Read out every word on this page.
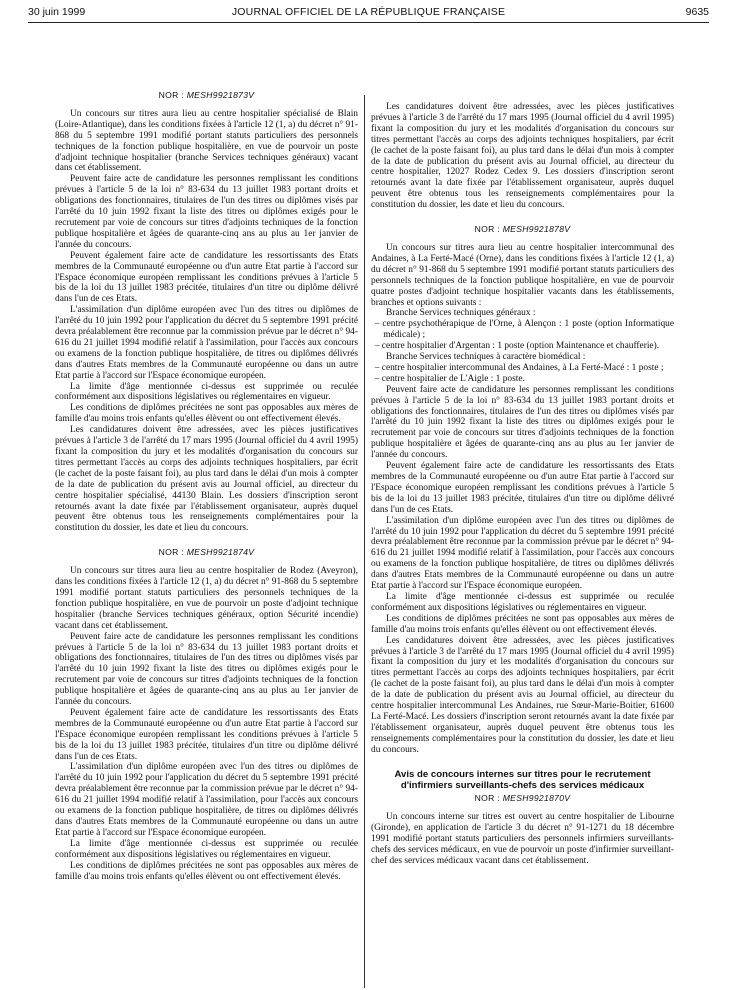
30 juin 1999	JOURNAL OFFICIEL DE LA RÉPUBLIQUE FRANÇAISE	9635
NOR : MESH9921873V

Un concours sur titres aura lieu au centre hospitalier spécialisé de Blain (Loire-Atlantique), dans les conditions fixées à l'article 12 (1, a) du décret n° 91-868 du 5 septembre 1991 modifié portant statuts particuliers des personnels techniques de la fonction publique hospitalière, en vue de pourvoir un poste d'adjoint technique hospitalier (branche Services techniques généraux) vacant dans cet établissement.

Peuvent faire acte de candidature les personnes remplissant les conditions prévues à l'article 5 de la loi n° 83-634 du 13 juillet 1983 portant droits et obligations des fonctionnaires, titulaires de l'un des titres ou diplômes visés par l'arrêté du 10 juin 1992 fixant la liste des titres ou diplômes exigés pour le recrutement par voie de concours sur titres d'adjoints techniques de la fonction publique hospitalière et âgées de quarante-cinq ans au plus au 1er janvier de l'année du concours.

Peuvent également faire acte de candidature les ressortissants des Etats membres de la Communauté européenne ou d'un autre Etat partie à l'accord sur l'Espace économique européen remplissant les conditions prévues à l'article 5 bis de la loi du 13 juillet 1983 précitée, titulaires d'un titre ou diplôme délivré dans l'un de ces Etats.

L'assimilation d'un diplôme européen avec l'un des titres ou diplômes de l'arrêté du 10 juin 1992 pour l'application du décret du 5 septembre 1991 précité devra préalablement être reconnue par la commission prévue par le décret n° 94-616 du 21 juillet 1994 modifié relatif à l'assimilation, pour l'accès aux concours ou examens de la fonction publique hospitalière, de titres ou diplômes délivrés dans d'autres Etats membres de la Communauté européenne ou dans un autre Etat partie à l'accord sur l'Espace économique européen.

La limite d'âge mentionnée ci-dessus est supprimée ou reculée conformément aux dispositions législatives ou réglementaires en vigueur.

Les conditions de diplômes précitées ne sont pas opposables aux mères de famille d'au moins trois enfants qu'elles élèvent ou ont effectivement élevés.

Les candidatures doivent être adressées, avec les pièces justificatives prévues à l'article 3 de l'arrêté du 17 mars 1995 (Journal officiel du 4 avril 1995) fixant la composition du jury et les modalités d'organisation du concours sur titres permettant l'accès au corps des adjoints techniques hospitaliers, par écrit (le cachet de la poste faisant foi), au plus tard dans le délai d'un mois à compter de la date de publication du présent avis au Journal officiel, au directeur du centre hospitalier spécialisé, 44130 Blain. Les dossiers d'inscription seront retournés avant la date fixée par l'établissement organisateur, auprès duquel peuvent être obtenus tous les renseignements complémentaires pour la constitution du dossier, les date et lieu du concours.

NOR : MESH9921874V

Un concours sur titres aura lieu au centre hospitalier de Rodez (Aveyron), dans les conditions fixées à l'article 12 (1, a) du décret n° 91-868 du 5 septembre 1991 modifié portant statuts particuliers des personnels techniques de la fonction publique hospitalière, en vue de pourvoir un poste d'adjoint technique hospitalier (branche Services techniques généraux, option Sécurité incendie) vacant dans cet établissement.

Peuvent faire acte de candidature les personnes remplissant les conditions prévues à l'article 5 de la loi n° 83-634 du 13 juillet 1983 portant droits et obligations des fonctionnaires, titulaires de l'un des titres ou diplômes visés par l'arrêté du 10 juin 1992 fixant la liste des titres ou diplômes exigés pour le recrutement par voie de concours sur titres d'adjoints techniques de la fonction publique hospitalière et âgées de quarante-cinq ans au plus au 1er janvier de l'année du concours.

Peuvent également faire acte de candidature les ressortissants des Etats membres de la Communauté européenne ou d'un autre Etat partie à l'accord sur l'Espace économique européen remplissant les conditions prévues à l'article 5 bis de la loi du 13 juillet 1983 précitée, titulaires d'un titre ou diplôme délivré dans l'un de ces Etats.

L'assimilation d'un diplôme européen avec l'un des titres ou diplômes de l'arrêté du 10 juin 1992 pour l'application du décret du 5 septembre 1991 précité devra préalablement être reconnue par la commission prévue par le décret n° 94-616 du 21 juillet 1994 modifié relatif à l'assimilation, pour l'accès aux concours ou examens de la fonction publique hospitalière, de titres ou diplômes délivrés dans d'autres Etats membres de la Communauté européenne ou dans un autre Etat partie à l'accord sur l'Espace économique européen.

La limite d'âge mentionnée ci-dessus est supprimée ou reculée conformément aux dispositions législatives ou réglementaires en vigueur.

Les conditions de diplômes précitées ne sont pas opposables aux mères de famille d'au moins trois enfants qu'elles élèvent ou ont effectivement élevés.

Les candidatures doivent être adressées, avec les pièces justificatives prévues à l'article 3 de l'arrêté du 17 mars 1995 (Journal officiel du 4 avril 1995) fixant la composition du jury et les modalités d'organisation du concours sur titres permettant l'accès au corps des adjoints techniques hospitaliers, par écrit (le cachet de la poste faisant foi), au plus tard dans le délai d'un mois à compter de la date de publication du présent avis au Journal officiel, au directeur du centre hospitalier, 12027 Rodez Cedex 9. Les dossiers d'inscription seront retournés avant la date fixée par l'établissement organisateur, auprès duquel peuvent être obtenus tous les renseignements complémentaires pour la constitution du dossier, les date et lieu du concours.

NOR : MESH9921878V

Un concours sur titres aura lieu au centre hospitalier intercommunal des Andaines, à La Ferté-Macé (Orne), dans les conditions fixées à l'article 12 (1, a) du décret n° 91-868 du 5 septembre 1991 modifié portant statuts particuliers des personnels techniques de la fonction publique hospitalière, en vue de pourvoir quatre postes d'adjoint technique hospitalier vacants dans les établissements, branches et options suivants :

Branche Services techniques généraux :

– centre psychothérapique de l'Orne, à Alençon : 1 poste (option Informatique médicale) ;
– centre hospitalier d'Argentan : 1 poste (option Maintenance et chaufferie).

Branche Services techniques à caractère biomédical :

– centre hospitalier intercommunal des Andaines, à La Ferté-Macé : 1 poste ;
– centre hospitalier de L'Aigle : 1 poste.

Peuvent faire acte de candidature les personnes remplissant les conditions prévues à l'article 5 de la loi n° 83-634 du 13 juillet 1983 portant droits et obligations des fonctionnaires, titulaires de l'un des titres ou diplômes visés par l'arrêté du 10 juin 1992 fixant la liste des titres ou diplômes exigés pour le recrutement par voie de concours sur titres d'adjoints techniques de la fonction publique hospitalière et âgées de quarante-cinq ans au plus au 1er janvier de l'année du concours.

Peuvent également faire acte de candidature les ressortissants des Etats membres de la Communauté européenne ou d'un autre Etat partie à l'accord sur l'Espace économique européen remplissant les conditions prévues à l'article 5 bis de la loi du 13 juillet 1983 précitée, titulaires d'un titre ou diplôme délivré dans l'un de ces Etats.

L'assimilation d'un diplôme européen avec l'un des titres ou diplômes de l'arrêté du 10 juin 1992 pour l'application du décret du 5 septembre 1991 précité devra préalablement être reconnue par la commission prévue par le décret n° 94-616 du 21 juillet 1994 modifié relatif à l'assimilation, pour l'accès aux concours ou examens de la fonction publique hospitalière, de titres ou diplômes délivrés dans d'autres Etats membres de la Communauté européenne ou dans un autre Etat partie à l'accord sur l'Espace économique européen.

La limite d'âge mentionnée ci-dessus est supprimée ou reculée conformément aux dispositions législatives ou réglementaires en vigueur.

Les conditions de diplômes précitées ne sont pas opposables aux mères de famille d'au moins trois enfants qu'elles élèvent ou ont effectivement élevés.

Les candidatures doivent être adressées, avec les pièces justificatives prévues à l'article 3 de l'arrêté du 17 mars 1995 (Journal officiel du 4 avril 1995) fixant la composition du jury et les modalités d'organisation du concours sur titres permettant l'accès au corps des adjoints techniques hospitaliers, par écrit (le cachet de la poste faisant foi), au plus tard dans le délai d'un mois à compter de la date de publication du présent avis au Journal officiel, au directeur du centre hospitalier intercommunal Les Andaines, rue Sœur-Marie-Boitier, 61600 La Ferté-Macé. Les dossiers d'inscription seront retournés avant la date fixée par l'établissement organisateur, auprès duquel peuvent être obtenus tous les renseignements complémentaires pour la constitution du dossier, les date et lieu du concours.

Avis de concours internes sur titres pour le recrutement d'infirmiers surveillants-chefs des services médicaux
NOR : MESH9921870V

Un concours interne sur titres est ouvert au centre hospitalier de Libourne (Gironde), en application de l'article 3 du décret n° 91-1271 du 18 décembre 1991 modifié portant statuts particuliers des personnels infirmiers surveillants-chefs des services médicaux, en vue de pourvoir un poste d'infirmier surveillant-chef des services médicaux vacant dans cet établissement.
